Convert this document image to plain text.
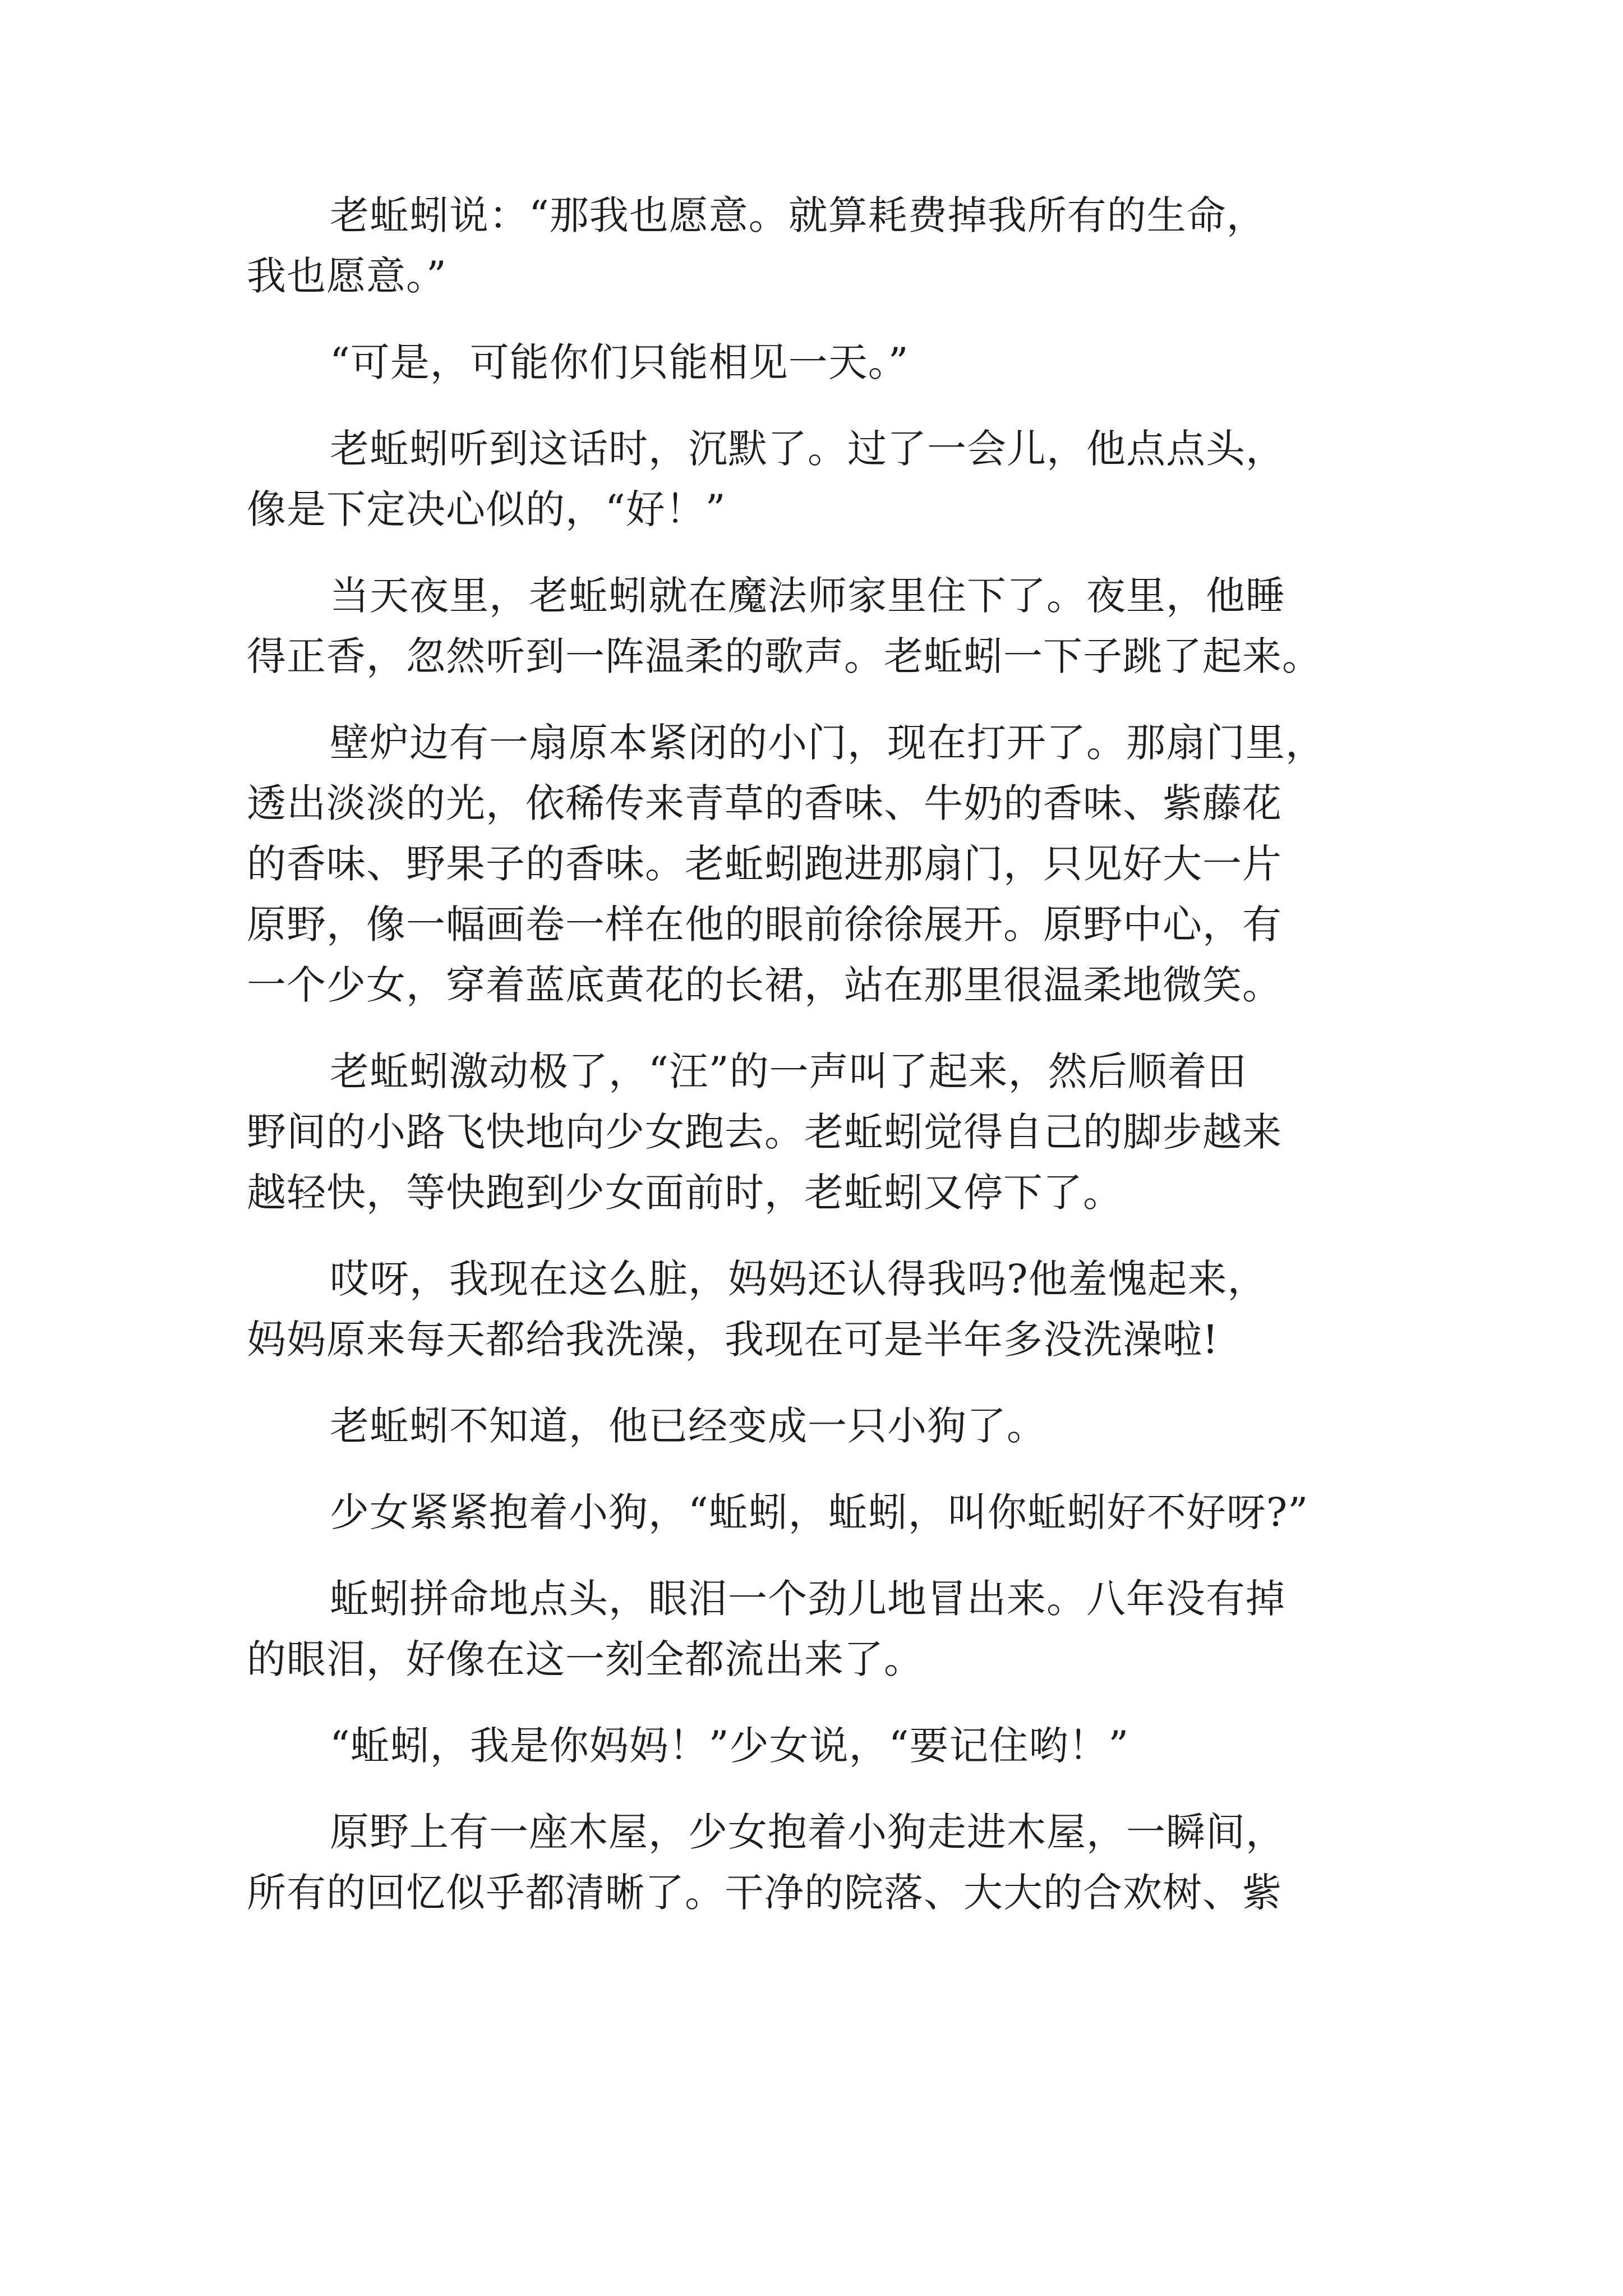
老蚯蚓说：“那我也愿意。就算耗费掉我所有的生命，
我也愿意。”
“可是，可能你们只能相见一天。”
老蚯蚓听到这话时，沉默了。过了一会儿，他点点头，
像是下定决心似的，“好！”
当天夜里，老蚯蚓就在魔法师家里住下了。夜里，他睡
得正香，忽然听到一阵温柔的歌声。老蚯蚓一下子跳了起来。
壁炉边有一扇原本紧闭的小门，现在打开了。那扇门里，
透出淡淡的光，依稀传来青草的香味、牛奶的香味、紫藤花
的香味、野果子的香味。老蚯蚓跑进那扇门，只见好大一片
原野，像一幅画卷一样在他的眼前徐徐展开。原野中心，有
一个少女，穿着蓝底黄花的长裙，站在那里很温柔地微笑。
老蚯蚓激动极了，“汪”的一声叫了起来，然后顺着田
野间的小路飞快地向少女跑去。老蚯蚓觉得自己的脚步越来
越轻快，等快跑到少女面前时，老蚯蚓又停下了。
哎呀，我现在这么脏，妈妈还认得我吗?他羞愧起来，
妈妈原来每天都给我洗澡，我现在可是半年多没洗澡啦!
老蚯蚓不知道，他已经变成一只小狗了。
少女紧紧抱着小狗，“蚯蚓，蚯蚓，叫你蚯蚓好不好呀?”
蚯蚓拼命地点头，眼泪一个劲儿地冒出来。八年没有掉
的眼泪，好像在这一刻全都流出来了。
“蚯蚓，我是你妈妈！”少女说，“要记住哟！”
原野上有一座木屋，少女抱着小狗走进木屋，一瞬间，
所有的回忆似乎都清晰了。干净的院落、大大的合欢树、紫
